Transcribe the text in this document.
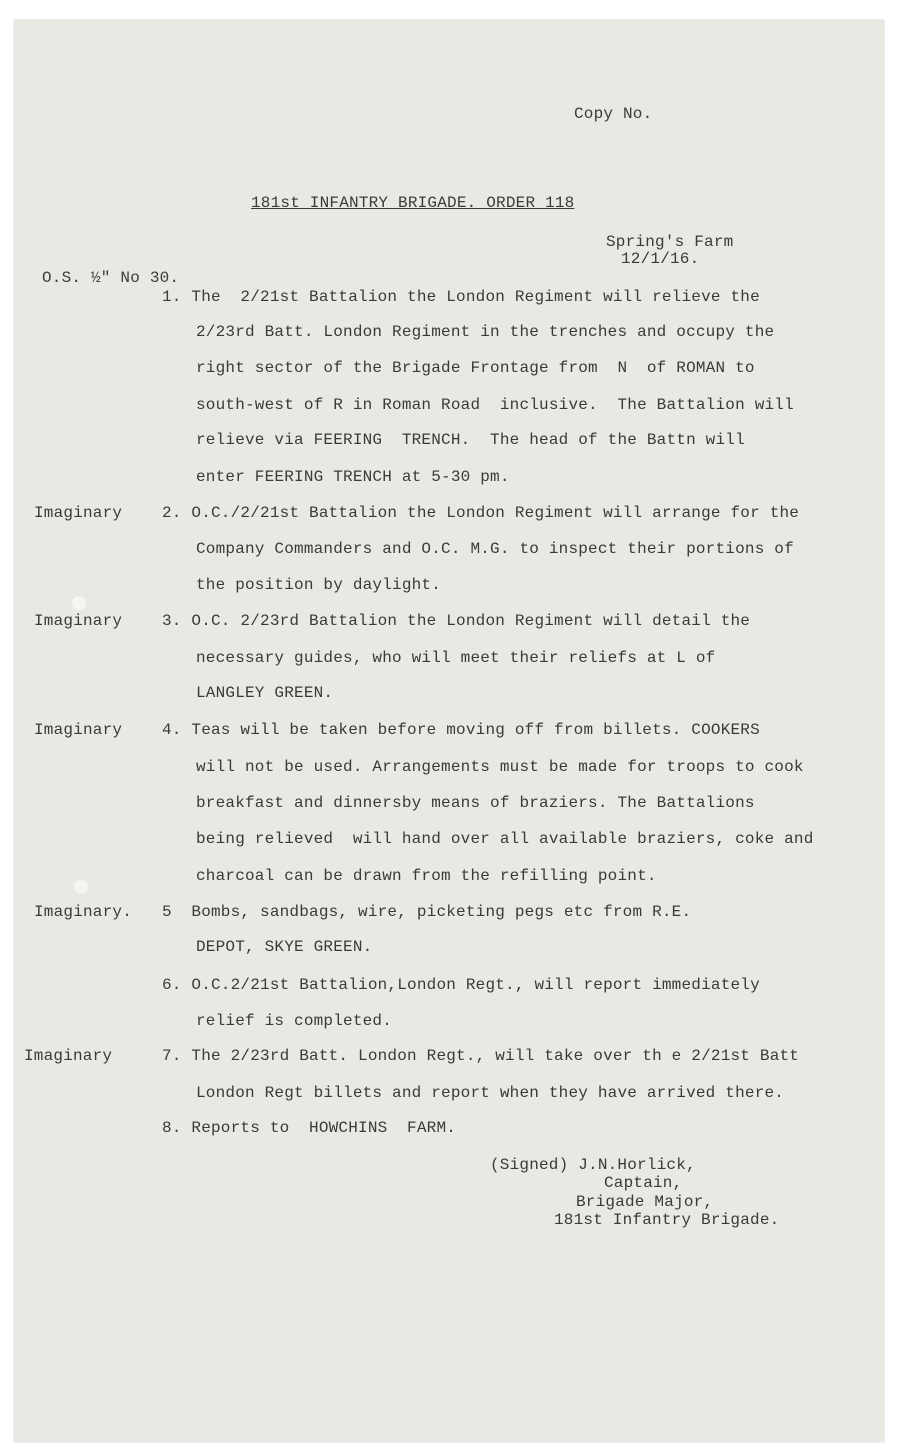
Copy No.
181st INFANTRY BRIGADE. ORDER 118
Spring's Farm
12/1/16.
O.S. ½" No 30.
1. The  2/21st Battalion the London Regiment will relieve the
2/23rd Batt. London Regiment in the trenches and occupy the
right sector of the Brigade Frontage from  N  of ROMAN to
south-west of R in Roman Road  inclusive.  The Battalion will
relieve via FEERING  TRENCH.  The head of the Battn will
enter FEERING TRENCH at 5-30 pm.
Imaginary 2. O.C./2/21st Battalion the London Regiment will arrange for the
Company Commanders and O.C. M.G. to inspect their portions of
the position by daylight.
Imaginary 3. O.C. 2/23rd Battalion the London Regiment will detail the
necessary guides, who will meet their reliefs at L of
LANGLEY GREEN.
Imaginary 4. Teas will be taken before moving off from billets. COOKERS
will not be used. Arrangements must be made for troops to cook
breakfast and dinnersby means of braziers. The Battalions
being relieved  will hand over all available braziers, coke and
charcoal can be drawn from the refilling point.
Imaginary. 5  Bombs, sandbags, wire, picketing pegs etc from R.E.
DEPOT, SKYE GREEN.
6. O.C.2/21st Battalion,London Regt., will report immediately
relief is completed.
Imaginary	7. The 2/23rd Batt. London Regt., will take over th e 2/21st Batt
London Regt billets and report when they have arrived there.
8. Reports to  HOWCHINS  FARM.
(Signed) J.N.Horlick,
Captain,
Brigade Major,
181st Infantry Brigade.
